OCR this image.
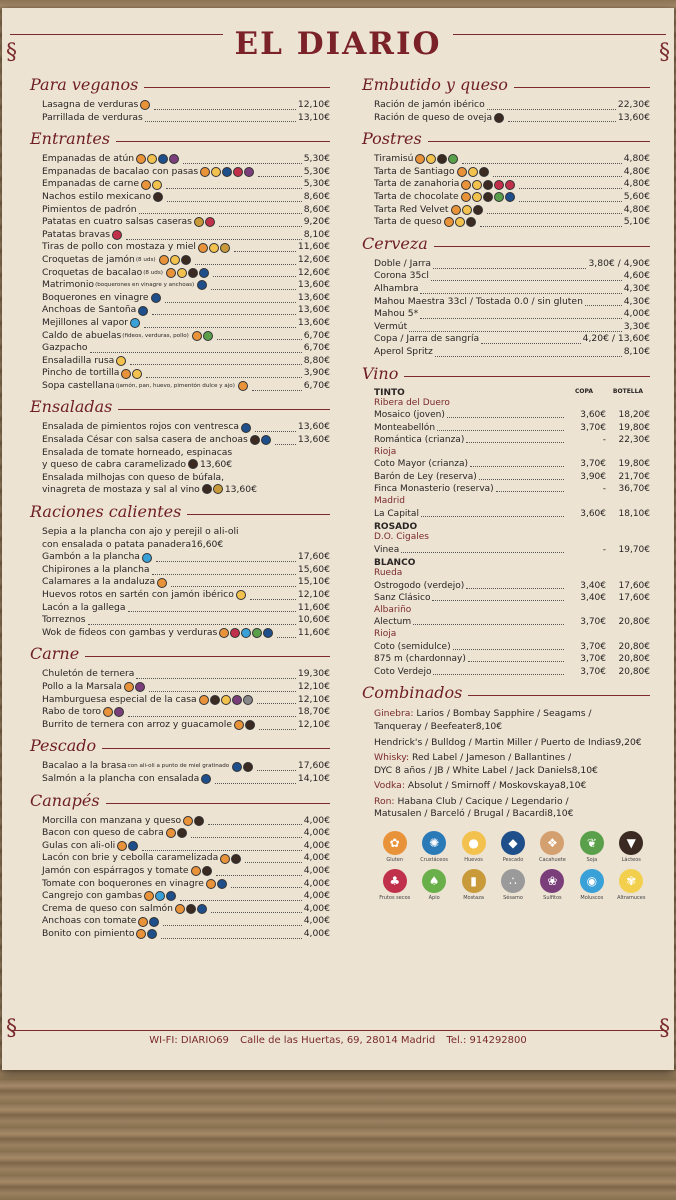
§	§
§	§
EL DIARIO
Para veganos
Lasagna de verduras	12,10€
Parrillada de verduras	13,10€
Entrantes
Empanadas de atún	5,30€
Empanadas de bacalao con pasas	5,30€
Empanadas de carne	5,30€
Nachos estilo mexicano	8,60€
Pimientos de padrón	8,60€
Patatas en cuatro salsas caseras	9,20€
Patatas bravas	8,10€
Tiras de pollo con mostaza y miel	11,60€
Croquetas de jamón (8 uds)	12,60€
Croquetas de bacalao (8 uds)	12,60€
Matrimonio (boquerones en vinagre y anchoas)	13,60€
Boquerones en vinagre	13,60€
Anchoas de Santoña	13,60€
Mejillones al vapor	13,60€
Caldo de abuelas (fideos, verduras, pollo)	6,70€
Gazpacho	6,70€
Ensaladilla rusa	8,80€
Pincho de tortilla	3,90€
Sopa castellana (jamón, pan, huevo, pimentón dulce y ajo)	6,70€
Ensaladas
Ensalada de pimientos rojos con ventresca	13,60€
Ensalada César con salsa casera de anchoas	13,60€
Ensalada de tomate horneado, espinacas
y queso de cabra caramelizado 13,60€
Ensalada milhojas con queso de búfala,
vinagreta de mostaza y sal al vino	13,60€
Raciones calientes
Sepia a la plancha con ajo y perejil o ali-oli
con ensalada o patata panadera 16,60€
Gambón a la plancha	17,60€
Chipirones a la plancha	15,60€
Calamares a la andaluza	15,10€
Huevos rotos en sartén con jamón ibérico	12,10€
Lacón a la gallega	11,60€
Torreznos	10,60€
Wok de fideos con gambas y verduras	11,60€
Carne
Chuletón de ternera	19,30€
Pollo a la Marsala	12,10€
Hamburguesa especial de la casa	12,10€
Rabo de toro	18,70€
Burrito de ternera con arroz y guacamole	12,10€
Pescado
Bacalao a la brasa con ali-oli a punto de miel gratinado	17,60€
Salmón a la plancha con ensalada	14,10€
Canapés
Morcilla con manzana y queso	4,00€
Bacon con queso de cabra	4,00€
Gulas con ali-oli	4,00€
Lacón con brie y cebolla caramelizada	4,00€
Jamón con espárragos y tomate	4,00€
Tomate con boquerones en vinagre	4,00€
Cangrejo con gambas	4,00€
Crema de queso con salmón	4,00€
Anchoas con tomate	4,00€
Bonito con pimiento	4,00€
Embutido y queso
Ración de jamón ibérico	22,30€
Ración de queso de oveja	13,60€
Postres
Tiramisú	4,80€
Tarta de Santiago	4,80€
Tarta de zanahoria	4,80€
Tarta de chocolate	5,60€
Tarta Red Velvet	4,80€
Tarta de queso	5,10€
Cerveza
Doble / Jarra	3,80€ / 4,90€
Corona 35cl	4,60€
Alhambra	4,30€
Mahou Maestra 33cl / Tostada 0.0 / sin gluten	4,30€
Mahou 5*	4,00€
Vermút	3,30€
Copa / Jarra de sangría	4,20€ / 13,60€
Aperol Spritz	8,10€
Vino
TINTO	COPA	BOTELLA
Ribera del Duero
Mosaico (joven)	3,60€	18,20€
Monteabellón	3,70€	19,80€
Romántica (crianza)	-	22,30€
Rioja
Coto Mayor (crianza)	3,70€	19,80€
Barón de Ley (reserva)	3,90€	21,70€
Finca Monasterio (reserva)	-	36,70€
Madrid
La Capital	3,60€	18,10€
ROSADO
D.O. Cigales
Vinea	-	19,70€
BLANCO
Rueda
Ostrogodo (verdejo)	3,40€	17,60€
Sanz Clásico	3,40€	17,60€
Albariño
Alectum	3,70€	20,80€
Rioja
Coto (semidulce)	3,70€	20,80€
875 m (chardonnay)	3,70€	20,80€
Coto Verdejo	3,70€	20,80€
Combinados
Ginebra:
Larios / Bombay Sapphire / Seagams /
Tanqueray / Beefeater 8,10€
Hendrick's / Bulldog / Martin Miller / Puerto de Indias 9,20€
Whisky:
Red Label / Jameson / Ballantines /
DYC 8 años / JB / White Label / Jack Daniels 8,10€
Vodka:
Absolut / Smirnoff / Moskovskaya 8,10€
Ron:
Habana Club / Cacique / Legendario /
Matusalen / Barceló / Brugal / Bacardi 8,10€
✿
Gluten
✺
Crustáceos
●
Huevos
◆
Pescado
❖
Cacahuete
❦
Soja
▼
Lácteos
♣
Frutos secos
♠
Apio
▮
Mostaza
∴
Sésamo
❀
Sulfitos
◉
Moluscos
✾
Altramuces
WI-FI: DIARIO69 Calle de las Huertas, 69, 28014 Madrid Tel.: 914292800
